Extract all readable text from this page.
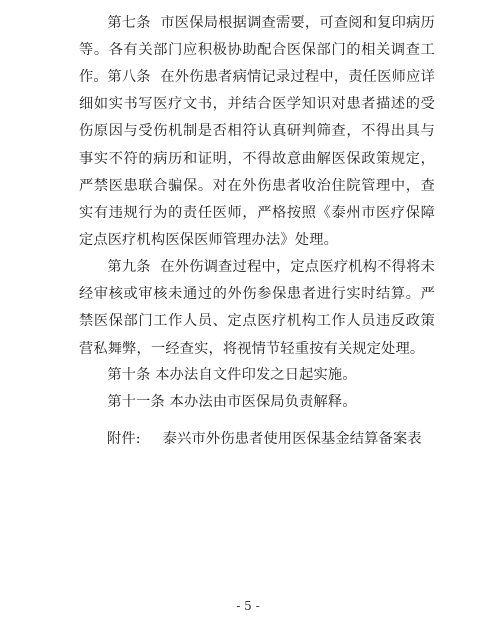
第七条 市医保局根据调查需要，可查阅和复印病历等。各有关部门应积极协助配合医保部门的相关调查工作。 第八条 在外伤患者病情记录过程中，责任医师应详细如实书写医疗文书，并结合医学知识对患者描述的受伤原因与受伤机制是否相符认真研判筛查，不得出具与事实不符的病历和证明，不得故意曲解医保政策规定，严禁医患联合骗保。对在外伤患者收治住院管理中，查实有违规行为的责任医师，严格按照《泰州市医疗保障定点医疗机构医保医师管理办法》处理。

第九条 在外伤调查过程中，定点医疗机构不得将未经审核或审核未通过的外伤参保患者进行实时结算。严禁医保部门工作人员、定点医疗机构工作人员违反政策营私舞弊，一经查实，将视情节轻重按有关规定处理。

第十条 本办法自文件印发之日起实施。

第十一条 本办法由市医保局负责解释。

附件: 泰兴市外伤患者使用医保基金结算备案表

- 5 -
